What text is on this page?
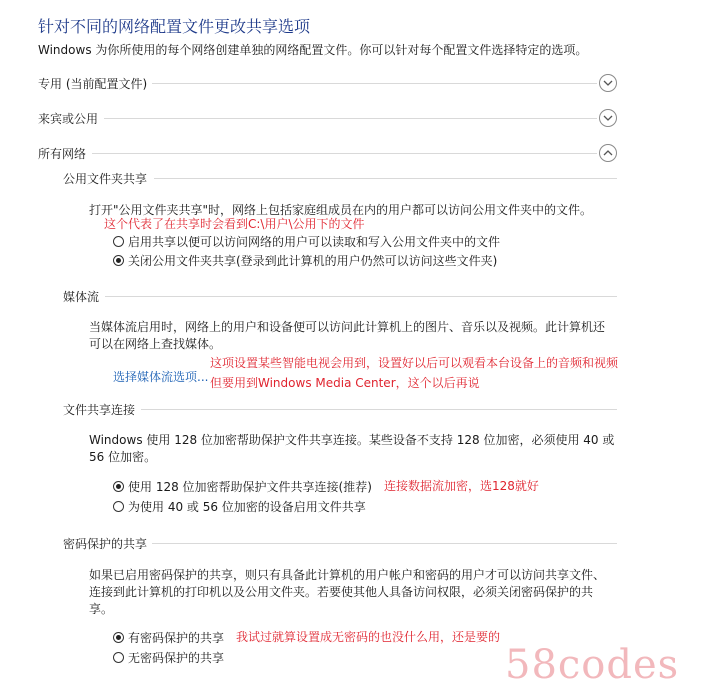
针对不同的网络配置文件更改共享选项
Windows 为你所使用的每个网络创建单独的网络配置文件。你可以针对每个配置文件选择特定的选项。
专用 (当前配置文件)
来宾或公用
所有网络
公用文件夹共享
打开"公用文件夹共享"时，网络上包括家庭组成员在内的用户都可以访问公用文件夹中的文件。
这个代表了在共享时会看到C:\用户\公用下的文件
启用共享以便可以访问网络的用户可以读取和写入公用文件夹中的文件
关闭公用文件夹共享(登录到此计算机的用户仍然可以访问这些文件夹)
媒体流
当媒体流启用时，网络上的用户和设备便可以访问此计算机上的图片、音乐以及视频。此计算机还
可以在网络上查找媒体。
选择媒体流选项...
这项设置某些智能电视会用到，设置好以后可以观看本台设备上的音频和视频
但要用到Windows Media Center，这个以后再说
文件共享连接
Windows 使用 128 位加密帮助保护文件共享连接。某些设备不支持 128 位加密，必须使用 40 或
56 位加密。
使用 128 位加密帮助保护文件共享连接(推荐) 连接数据流加密，选128就好
为使用 40 或 56 位加密的设备启用文件共享
密码保护的共享
如果已启用密码保护的共享，则只有具备此计算机的用户帐户和密码的用户才可以访问共享文件、
连接到此计算机的打印机以及公用文件夹。若要使其他人具备访问权限，必须关闭密码保护的共
享。
有密码保护的共享 我试过就算设置成无密码的也没什么用，还是要的
无密码保护的共享	58codes
